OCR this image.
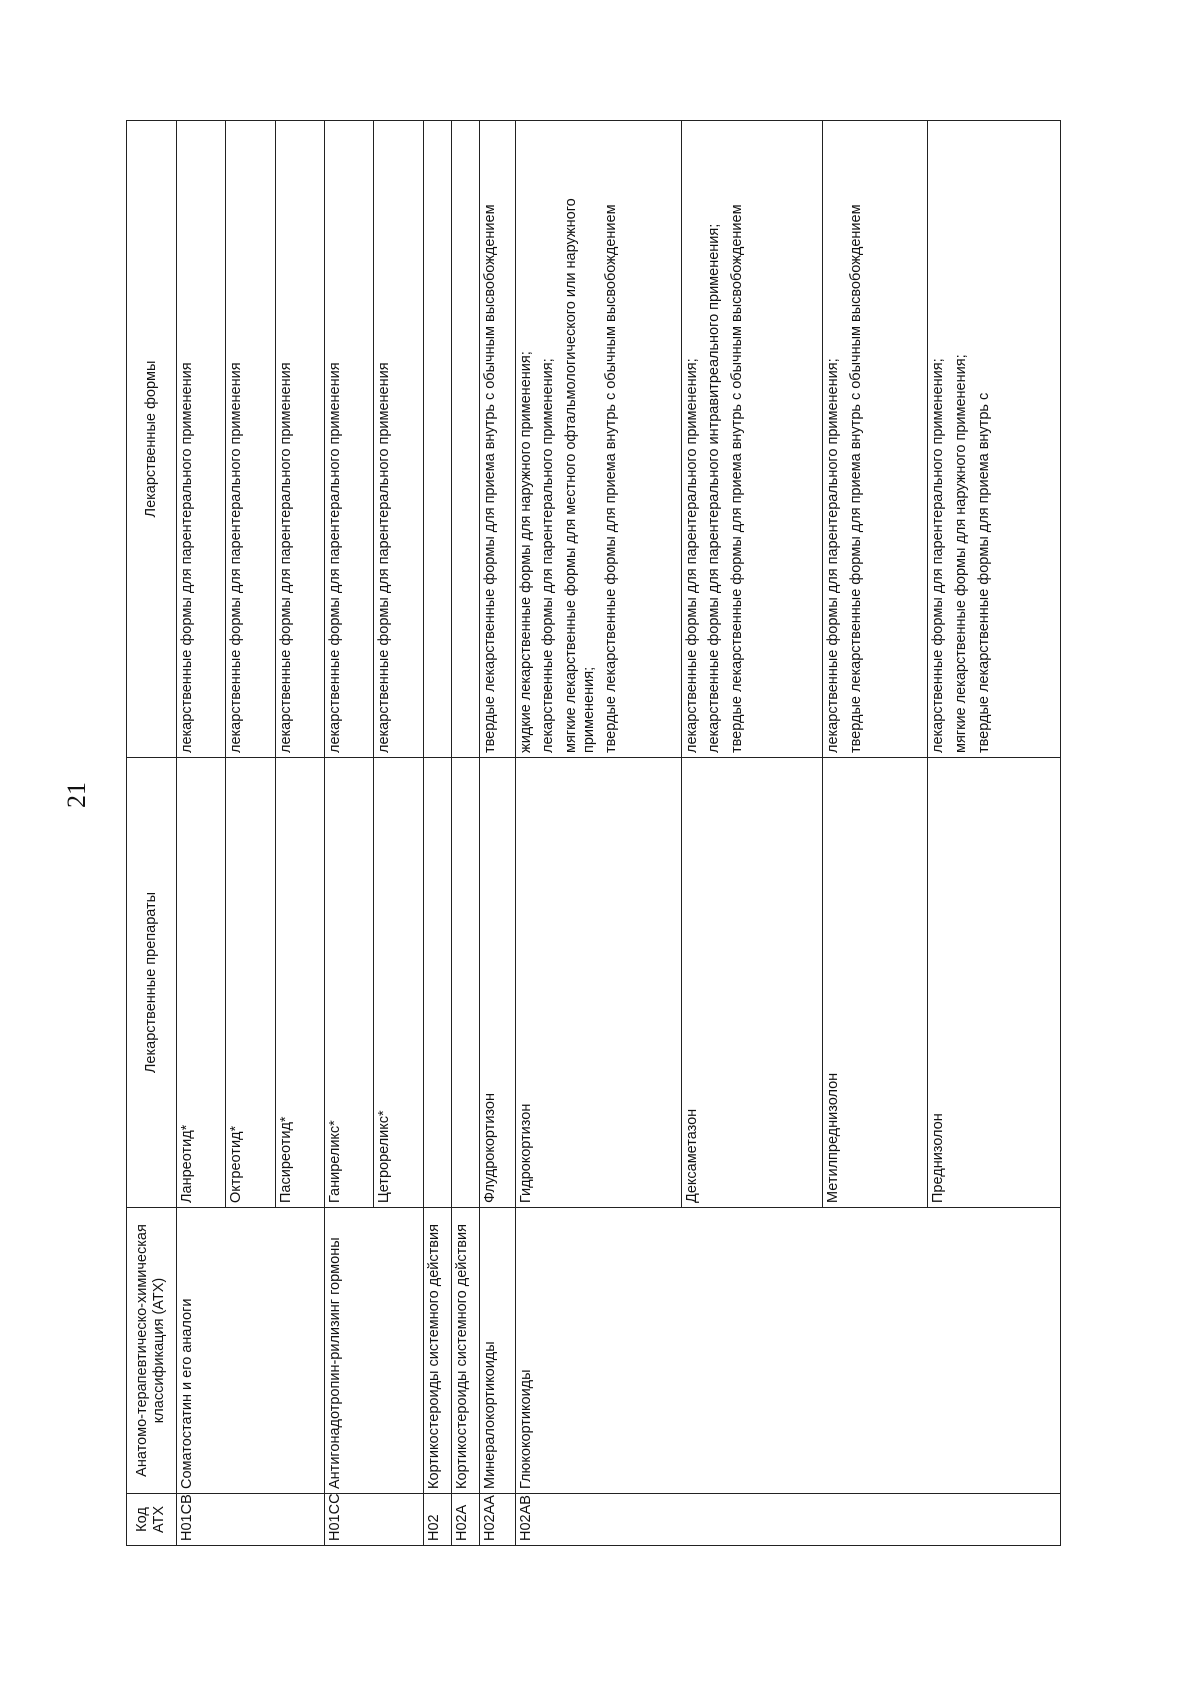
21
Код АТХ	Анатомо-терапевтическо-химическая классификация (АТХ)	Лекарственные препараты	Лекарственные формы
H01CB	Соматостатин и его аналоги	Ланреотид*	лекарственные формы для парентерального применения

		Октреотид*	лекарственные формы для парентерального применения

		Пасиреотид*	лекарственные формы для парентерального применения

H01CC	Антигонадотропин-рилизинг гормоны	Ганиреликс*	лекарственные формы для парентерального применения

		Цетрореликс*	лекарственные формы для парентерального применения

H02	Кортикостероиды системного действия		
H02A	Кортикостероиды системного действия		
H02AA	Минералокортикоиды	Флудрокортизон	твердые лекарственные формы для приема внутрь с обычным высвобождением

H02AB	Глюкокортикоиды	Гидрокортизон	жидкие лекарственные формы для наружного применения; лекарственные формы для парентерального применения; мягкие лекарственные формы для местного офтальмологического или наружного применения; твердые лекарственные формы для приема внутрь с обычным высвобождением

		Дексаметазон	лекарственные формы для парентерального применения; лекарственные формы для парентерального интравитреального применения; твердые лекарственные формы для приема внутрь с обычным высвобождением

		Метилпреднизолон	лекарственные формы для парентерального применения; твердые лекарственные формы для приема внутрь с обычным высвобождением

		Преднизолон	лекарственные формы для парентерального применения; мягкие лекарственные формы для наружного применения; твердые лекарственные формы для приема внутрь с
